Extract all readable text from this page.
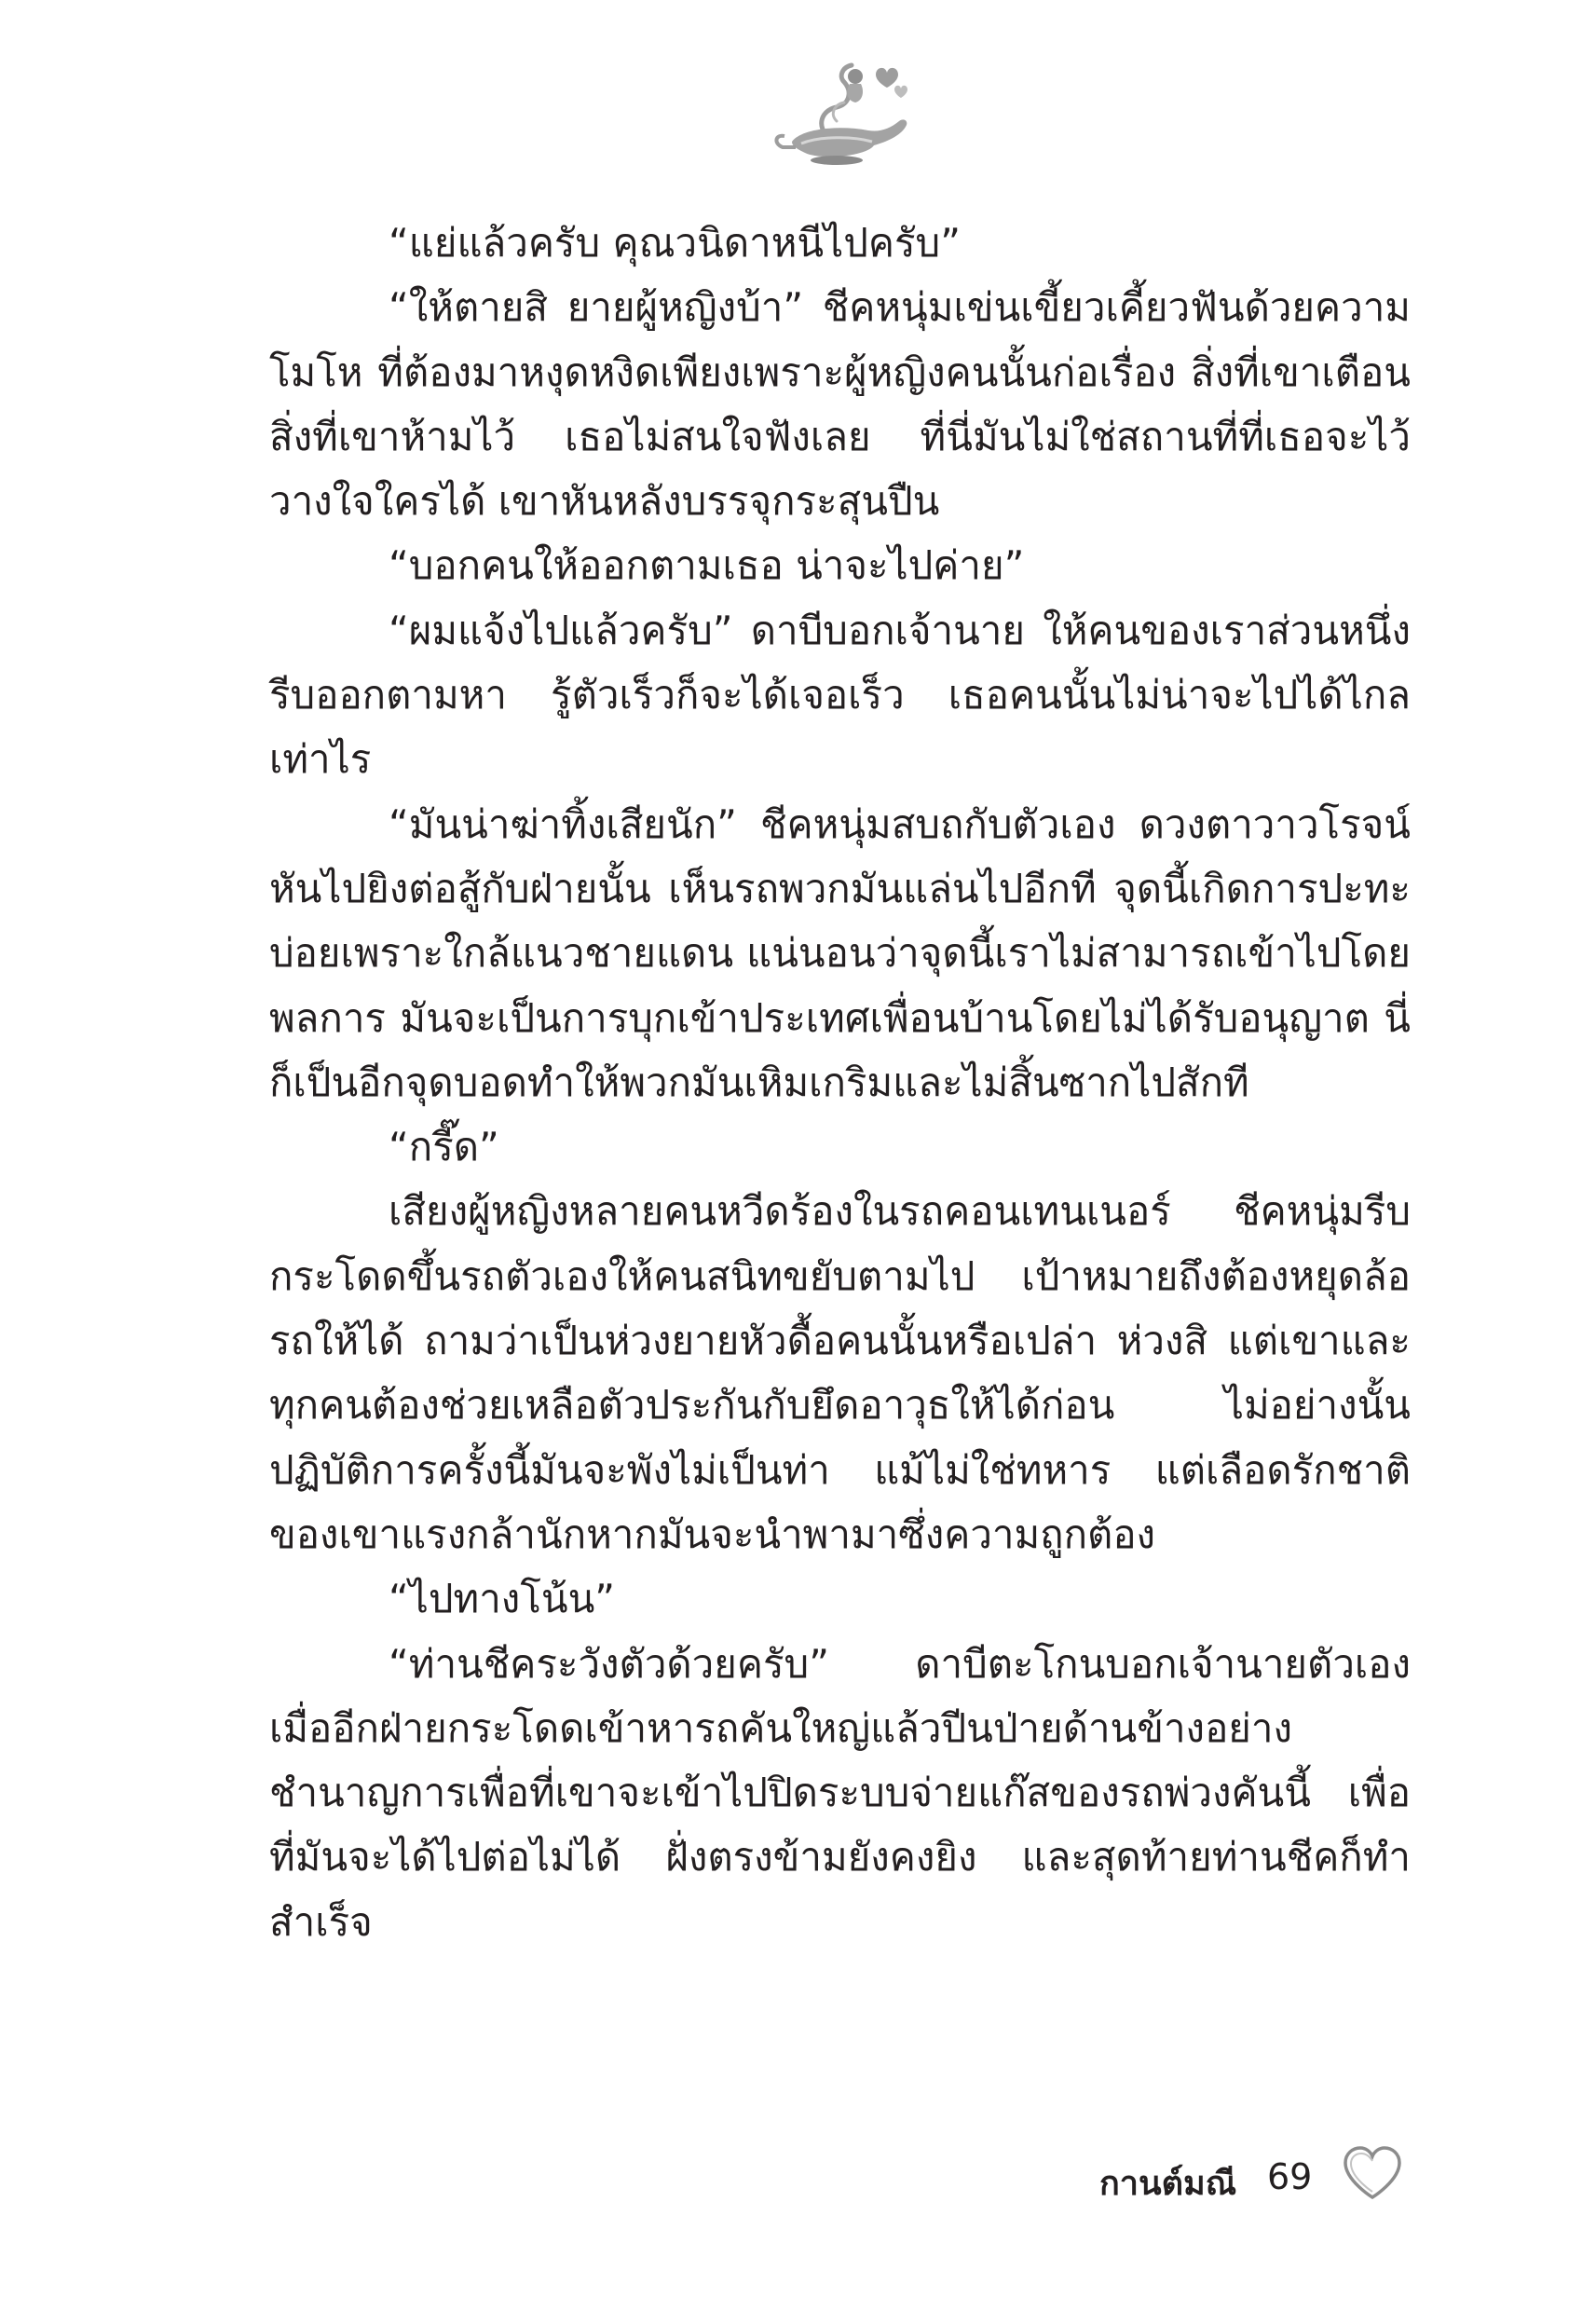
“แย่แล้วครับ คุณวนิดาหนีไปครับ”

“ให้ตายสิ ยายผู้หญิงบ้า” ชีคหนุ่มเข่นเขี้ยวเคี้ยวฟันด้วยความโมโห ที่ต้องมาหงุดหงิดเพียงเพราะผู้หญิงคนนั้นก่อเรื่อง สิ่งที่เขาเตือน สิ่งที่เขาห้ามไว้ เธอไม่สนใจฟังเลย ที่นี่มันไม่ใช่สถานที่ที่เธอจะไว้วางใจใครได้ เขาหันหลังบรรจุกระสุนปืน

“บอกคนให้ออกตามเธอ น่าจะไปค่าย”

“ผมแจ้งไปแล้วครับ” ดาบีบอกเจ้านาย ให้คนของเราส่วนหนึ่งรีบออกตามหา รู้ตัวเร็วก็จะได้เจอเร็ว เธอคนนั้นไม่น่าจะไปได้ไกลเท่าไร

“มันน่าฆ่าทิ้งเสียนัก” ชีคหนุ่มสบถกับตัวเอง ดวงตาวาวโรจน์หันไปยิงต่อสู้กับฝ่ายนั้น เห็นรถพวกมันแล่นไปอีกที จุดนี้เกิดการปะทะบ่อยเพราะใกล้แนวชายแดน แน่นอนว่าจุดนี้เราไม่สามารถเข้าไปโดยพลการ มันจะเป็นการบุกเข้าประเทศเพื่อนบ้านโดยไม่ได้รับอนุญาต นี่ก็เป็นอีกจุดบอดทำให้พวกมันเหิมเกริมและไม่สิ้นซากไปสักที

“กรี๊ด”

เสียงผู้หญิงหลายคนหวีดร้องในรถคอนเทนเนอร์ ชีคหนุ่มรีบกระโดดขึ้นรถตัวเองให้คนสนิทขยับตามไป เป้าหมายถึงต้องหยุดล้อรถให้ได้ ถามว่าเป็นห่วงยายหัวดื้อคนนั้นหรือเปล่า ห่วงสิ แต่เขาและทุกคนต้องช่วยเหลือตัวประกันกับยึดอาวุธให้ได้ก่อน ไม่อย่างนั้นปฏิบัติการครั้งนี้มันจะพังไม่เป็นท่า แม้ไม่ใช่ทหาร แต่เลือดรักชาติของเขาแรงกล้านักหากมันจะนำพามาซึ่งความถูกต้อง

“ไปทางโน้น”

“ท่านชีคระวังตัวด้วยครับ” ดาบีตะโกนบอกเจ้านายตัวเอง เมื่ออีกฝ่ายกระโดดเข้าหารถคันใหญ่แล้วปีนป่ายด้านข้างอย่างชำนาญการเพื่อที่เขาจะเข้าไปปิดระบบจ่ายแก๊สของรถพ่วงคันนี้ เพื่อที่มันจะได้ไปต่อไม่ได้ ฝั่งตรงข้ามยังคงยิง และสุดท้ายท่านชีคก็ทำสำเร็จ

กานต์มณี 69
